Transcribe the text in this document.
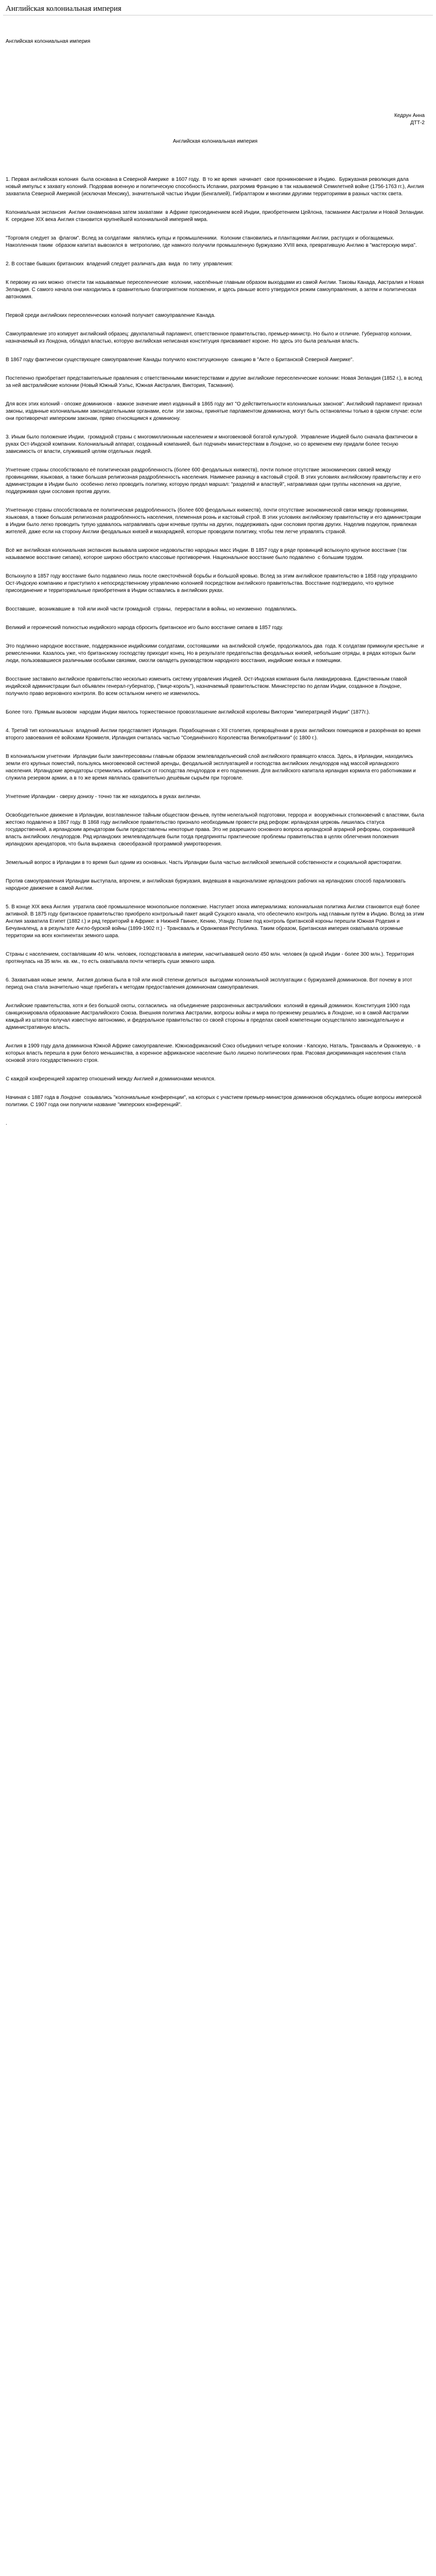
Английская колониальная империя

Английская колониальная империя

Кедрун Анна

ДТТ-2

Английская колониальная империя

1. Первая английская колония  была основана в Северной Америке  в 1607 году.  В то же время  начинает  свое проникновение в Индию.  Буржуазная революция дала новый импульс к захвату колоний. Подорвав военную и политическую способность Испании, разгромив Францию в так называемой Семилетней войне (1756-1763 гг.), Англия захватила Северной Америкой (исключая Мексику), значительной частью Индии (Бенгалией), Гибралтаром и многими другими территориями в разных частях света.

Колониальная экспансия  Англии ознаменована затем захватами  в Африке присоединением всей Индии, приобретением Цейлона, тасманиеи Австралии и Новой Зеландии. К  середине XIX века Англия становится крупнейшей колониальной империей мира.

"Торговля следует за  флагом". Вслед за солдатами  являлись купцы и промышленники.  Колонии становились и плантациями Англии, растущих и обогащаемых. Накопленная таким  образом капитал вывозился в  метрополию, где намного получили промышленную буржуазию XVIII века, превратившую Англию в "мастерскую мира".

2. В составе бывших британских  владений следует различать два  вида  по типу  управления:

К первому из них можно  отнести так называемые переселенческие  колонии, населённые главным образом выходцами из самой Англии. Таковы Канада, Австралия и Новая Зеландия. С самого начала они находились в сравнительно благоприятном положении, и здесь раньше всего утвердился режим самоуправления, а затем и политическая автономия.

Первой среди английских переселенческих колоний получает самоуправление Канада.

Самоуправление это копирует английский образец: двухпалатный парламент, ответственное правительство, премьер-министр. Но было и отличие. Губернатор колонии, назначаемый из Лондона, обладал властью, которую английская неписаная конституция присваивает короне. Но здесь это была реальная власть.

В 1867 году фактически существующее самоуправление Канады получило конституционную  санкцию в "Акте о Британской Северной Америке".

Постепенно приобретает представительные правления с ответственными министерствами и другие английские переселенческие колонии: Новая Зеландия (1852 г.), в вслед за ней австралийские колонии (Новый Южный Уэльс, Южная Австралия, Виктория, Тасмания).

Для всех этих колоний - опозже доминионов - важное значение имел изданный в 1865 году акт "О действительности колониальных законов". Английский парламент признал законы, изданные колониальными законодательными органами, если  эти законы, принятые парламентом доминиона, могут быть остановлены только в одном случае: если они противоречат имперским законам, прямо относящимся к доминиону.

3. Иным было положение Индии,  громадной страны с многомиллионным населением и многовековой богатой культурой.  Управление Индией было сначала фактически в руках Ост-Индской компании. Колониальный аппарат, созданный компанией, был подчинён министерствам в Лондоне, но со временем ему придали более тесную зависимость от власти, служившей целям отдельных людей.

Угнетение страны способствовало её политическая раздробленность (более 600 феодальных княжеств), почти полное отсутствие экономических связей между провинциями, языковая, а также большая религиозная раздробленность населения. Наименее разницу в кастовый строй. В этих условиях английскому правительству и его администрации в Индии было  особенно легко проводить политику, которую предал маршал: "разделяй и властвуй", натравливая одни группы населения на другие, поддерживая одни сословия против других.

Угнетенную страны способствовала ее политическая раздробленность (более 600 феодальных княжеств), почти отсутствие экономической связи между провинциями, языковая, а также большая религиозная раздробленность населения, племенная рознь и кастовый строй. В этих условиях английскому правительству и его администрации в Индии было легко проводить тупую удавалось натравливать одни кочевые группы на других, поддерживать одни сословия против других. Наделив подкупом, привлекая жителей, даже если на сторону Англии феодальных князей и махараджей, которые проводили политику, чтобы тем легче управлять страной.

Всё же английская колониальная экспансия вызывала широкое недовольство народных масс Индии. В 1857 году в ряде провинций вспыхнуло крупное восстание (так называемое восстание сипаев), которое широко обострило классовые противоречия. Национальное восстание было подавлено  с большим трудом.

Вспыхнуло в 1857 году восстание было подавлено лишь после ожесточённой борьбы и большой кровью. Вслед за этим английское правительство в 1858 году упразднило Ост-Индскую компанию и приступило к непосредственному управлению колонией посредством английского правительства. Восстание подтвердило, что крупное присоединение и территориальные приобретения в Индии оставались в английских руках.

Восставшие,  возникавшие в  той или иной части громадной  страны,  перерастали в войны, но неизменно  подавлялись.

Великий и героический полностью индийского народа сбросить британское иго было восстание сипаев в 1857 году.

Это подлинно народное восстание, поддержанное индийскими солдатами, состоявшими  на английской службе, продолжалось два  года. К солдатам примкнули крестьяне  и ремесленники. Казалось уже, что британскому господству приходит конец. Но в результате предательства феодальных князей, небольшие отряды, в рядах которых были люди, пользовавшиеся различными особыми связями, смогли овладеть руководством народного восстания, индийские князья и помещики.

Восстание заставило английское правительство несколько изменить систему управления Индией. Ост-Индская компания была ликвидирована. Единственным главой индийской администрации был объявлен генерал-губернатор, ("вице-король"), назначаемый правительством. Министерство по делам Индии, созданное в Лондоне, получило право верховного контроля. Во всем остальном ничего не изменилось.

Более того. Прямым вызовом  народам Индии явилось торжественное провозглашение английской королевы Виктории "императрицей Индии" (1877г.).

4. Третий тип колониальных  владений Англии представляет Ирландия. Порабощенная с XII столетия, превращённая в руках английских помещиков и разорённая во время второго завоевания её войсками Кромвеля, Ирландия считалась частью "Соединённого Королевства Великобритании" (с 1800 г.).

В колониальном угнетении  Ирландии были заинтересованы главным образом землевладельческий слой английского правящего класса. Здесь, в Ирландии, находились земли его крупных поместий, пользуясь многовековой системой аренды, феодальной эксплуатацией и господства английских лендлордов над массой ирландского населения. Ирландские арендаторы стремились избавиться от господства лендлордов и его подчинения. Для английского капитала ирландия кормила его работниками и служила резервом армии, а в то же время являлась сравнительно дешёвым сырьём при торговле.

Угнетение Ирландии - сверху донизу - точно так же находилось в руках англичан.

Освободительное движение в Ирландии, возглавленное тайным обществом феньев, путём нелегальной подготовки, террора и  вооружённых столкновений с властями, была жестоко подавлено в 1867 году. В 1868 году английское правительство признало необходимым провести ряд реформ: ирландская церковь лишилась статуса государственной, а ирландским арендаторам были предоставлены некоторые права. Это не разрешило основного вопроса ирландской аграрной реформы, сохранявшей власть английских лендлордов. Ряд ирландских землевладельцев были тогда предприняты практические проблемы правительства в целях облегчения положения ирландских арендаторов, что была выражена  своеобразной программой умиротворения.

Земельный вопрос в Ирландии в то время был одним из основных. Часть Ирландии была частью английской земельной собственности и социальной аристократии.

Против самоуправления Ирландии выступала, впрочем, и английская буржуазия, видевшая в национализме ирландских рабочих на ирландских способ парализовать народное движение в самой Англии.

5. В конце XIX века Англия  утратила своё промышленное монопольное положение. Наступает эпоха империализма: колониальная политика Англии становится ещё более активной. В 1875 году британское правительство приобрело контрольный пакет акций Суэцкого канала, что обеспечило контроль над главным путём в Индию. Вслед за этим Англия захватила Египет (1882 г.) и ряд территорий в Африке: в Нижней Гвинее, Кению, Уганду. Позже под контроль британской короны перешли Южная Родезия и Бечуаналенд, а в результате Англо-бурской войны (1899-1902 гг.) - Трансвааль и Оранжевая Республика. Таким образом, Британская империя охватывала огромные территории на всех континентах земного шара.

Страны с населением, составлявшим 40 млн. человек, господствовала в империи, насчитывавшей около 450 млн. человек (в одной Индии - более 300 млн.). Территория протянулась на 35 млн. кв. км., то есть охватывала почти четверть суши земного шара.

6. Захватывая новые земли,  Англия должна была в той или иной степени делиться  выгодами колониальной эксплуатации с буржуазией доминионов. Вот почему в этот период она стала значительно чаще прибегать к методам предоставления доминионам самоуправления.

Английские правительства, хотя и без большой охоты, согласились  на объединение разрозненных австралийских  колоний в единый доминион. Конституция 1900 года санкционировала образование Австралийского Союза. Внешняя политика Австралии, вопросы войны и мира по-прежнему решались в Лондоне, но в самой Австралии каждый из штатов получал известную автономию, и федеральное правительство со своей стороны в пределах своей компетенции осуществляло законодательную и административную власть.

Англия в 1909 году дала доминиона Южной Африке самоуправление. Южноафриканский Союз объединил четыре колонии - Капскую, Наталь, Трансвааль и Оранжевую, - в которых власть перешла в руки белого меньшинства, а коренное африканское население было лишено политических прав. Расовая дискриминация населения стала основой этого государственного строя.

С каждой конференцией характер отношений между Англией и доминионами менялся.

Начиная с 1887 года в Лондоне  созывались "колониальные конференции", на которых с участием премьер-министров доминионов обсуждались общие вопросы имперской политики. С 1907 года они получили название "имперских конференций".

.
